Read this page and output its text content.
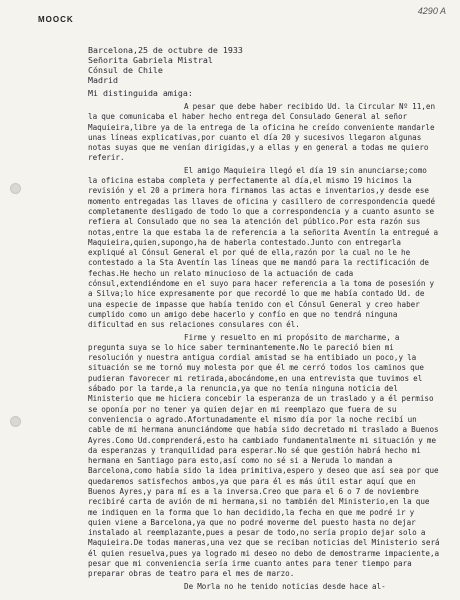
MOOCK
4290 A
Barcelona,25 de octubre de 1933
Señorita Gabriela Mistral
Cónsul de Chile
Madrid
Mi distinguida amiga:

A pesar que debe haber recibido Ud. la Circular Nº 11,en la que comunicaba el haber hecho entrega del Consulado General al señor Maquieira,libre ya de la entrega de la oficina he creído conveniente mandarle unas líneas explicativas,por cuanto el día 20 y sucesivos llegaron algunas notas suyas que me venían dirigidas,y a ellas y en general a todas me quiero referir.

El amigo Maquieira llegó el día 19 sin anunciarse;como la oficina estaba completa y perfectamente al día,el mismo 19 hicimos la revisión y el 20 a primera hora firmamos las actas e inventarios,y desde ese momento entregadas las llaves de oficina y casillero de correspondencia quedé completamente desligado de todo lo que a correspondencia y a cuanto asunto se refiera al Consulado que no sea la atención del público.Por esta razón sus notas,entre la que estaba la de referencia a la señorita Aventín la entregué a Maquieira,quien,supongo,ha de haberla contestado.Junto con entregarla expliqué al Cónsul General el por qué de ella,razón por la cual no le he contestado a la Sta Aventín las líneas que me mandó para la rectificación de fechas.He hecho un relato minucioso de la actuación de cada cónsul,extendiéndome en el suyo para hacer referencia a la toma de posesión y a Silva;lo hice expresamente por que recordé lo que me había contado Ud. de una especie de impasse que había tenido con el Cónsul General y creo haber cumplido como un amigo debe hacerlo y confío en que no tendrá ninguna dificultad en sus relaciones consulares con él.

Firme y resuelto en mi propósito de marcharme, a pregunta suya se lo hice saber terminantemente.No le pareció bien mi resolución y nuestra antigua cordial amistad se ha entibiado un poco,y la situación se me tornó muy molesta por que él me cerró todos los caminos que pudieran favorecer mi retirada,abocándome,en una entrevista que tuvimos el sábado por la tarde,a la renuncia,ya que no tenía ninguna noticia del Ministerio que me hiciera concebir la esperanza de un traslado y a él permiso se oponía por no tener ya quien dejar en mi reemplazo que fuera de su conveniencia o agrado.Afortunadamente el mismo día por la noche recibí un cable de mi hermana anunciándome que había sido decretado mi traslado a Buenos Ayres.Como Ud.comprenderá,esto ha cambiado fundamentalmente mi situación y me da esperanzas y tranquilidad para esperar.No sé que gestión habrá hecho mi hermana en Santiago para esto,así como no sé si a Neruda lo mandan a Barcelona,como había sido la idea primitiva,espero y deseo que así sea por que quedaremos satisfechos ambos,ya que para él es más útil estar aquí que en Buenos Ayres,y para mí es a la inversa.Creo que para el 6 o 7 de noviembre recibiré carta de avión de mi hermana,si no también del Ministerio,en la que me indiquen en la forma que lo han decidido,la fecha en que me podré ir y quien viene a Barcelona,ya que no podré moverme del puesto hasta no dejar instalado al reemplazante,pues a pesar de todo,no sería propio dejar solo a Maquieira.De todas maneras,una vez que se reciban noticias del Ministerio será él quien resuelva,pues ya logrado mi deseo no debo de demostrarme impaciente,a pesar que mi conveniencia sería irme cuanto antes para tener tiempo para preparar obras de teatro para el mes de marzo.

De Morla no he tenido noticias desde hace al-
